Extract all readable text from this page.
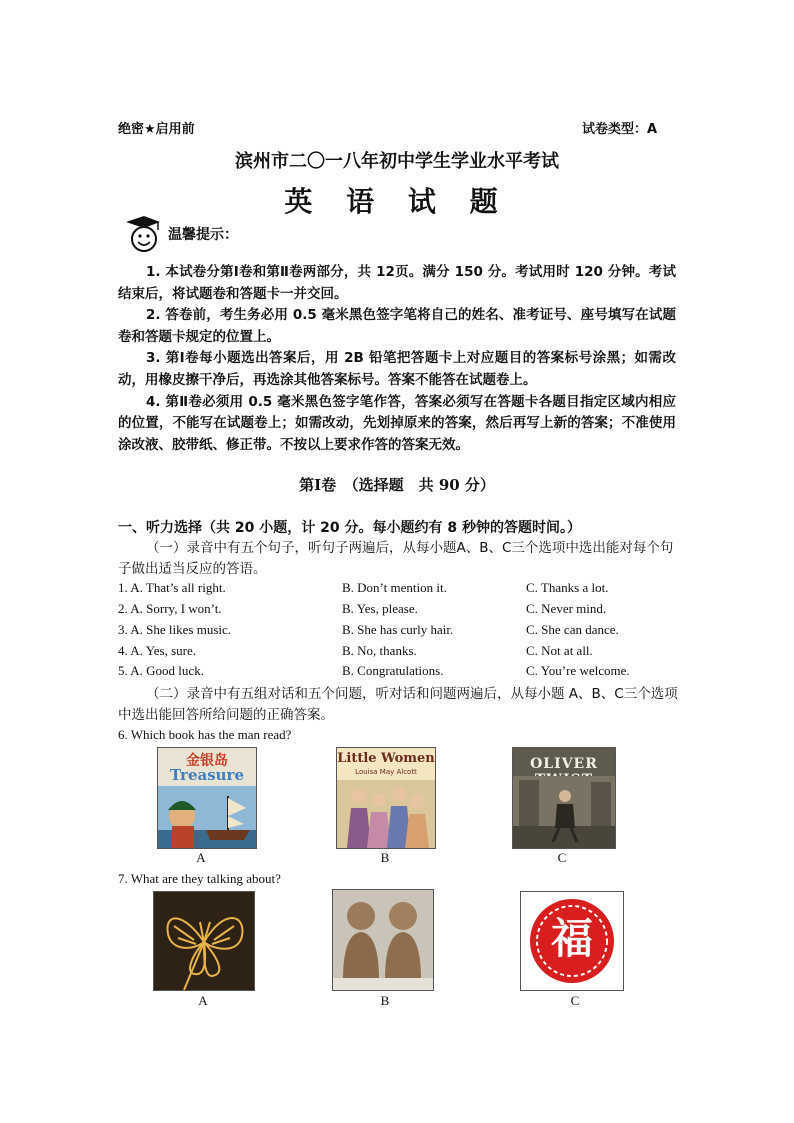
绝密★启用前	试卷类型：A
滨州市二〇一八年初中学生学业水平考试
英 语 试 题
温馨提示：

1. 本试卷分第Ⅰ卷和第Ⅱ卷两部分，共 12页。满分 150 分。考试用时 120 分钟。考试结束后，将试题卷和答题卡一并交回。

2. 答卷前，考生务必用 0.5 毫米黑色签字笔将自己的姓名、准考证号、座号填写在试题卷和答题卡规定的位置上。

3. 第Ⅰ卷每小题选出答案后，用 2B 铅笔把答题卡上对应题目的答案标号涂黑；如需改动，用橡皮擦干净后，再选涂其他答案标号。答案不能答在试题卷上。

4. 第Ⅱ卷必须用 0.5 毫米黑色签字笔作答，答案必须写在答题卡各题目指定区域内相应的位置，不能写在试题卷上；如需改动，先划掉原来的答案，然后再写上新的答案；不准使用涂改液、胶带纸、修正带。不按以上要求作答的答案无效。

第Ⅰ卷　（选择题　共 90 分）
一、听力选择（共 20 小题，计 20 分。每小题约有 8 秒钟的答题时间。）

（一）录音中有五个句子，听句子两遍后，从每小题A、B、C三个选项中选出能对每个句子做出适当反应的答语。

1. A. That’s all right.	B. Don’t mention it.	C. Thanks a lot.
2. A. Sorry, I won’t.	B. Yes, please.	C. Never mind.
3. A. She likes music.	B. She has curly hair.	C. She can dance.
4. A. Yes, sure.	B. No, thanks.	C. Not at all.
5. A. Good luck.	B. Congratulations.	C. You’re welcome.

（二）录音中有五组对话和五个问题，听对话和问题两遍后，从每小题 A、B、C三个选项中选出能回答所给问题的正确答案。

6. Which book has the man read?
金银岛
Treasure
A
Little Women
Louisa May Alcott
B
OLIVER
C
7. What are they talking about?
A	B
福
C
